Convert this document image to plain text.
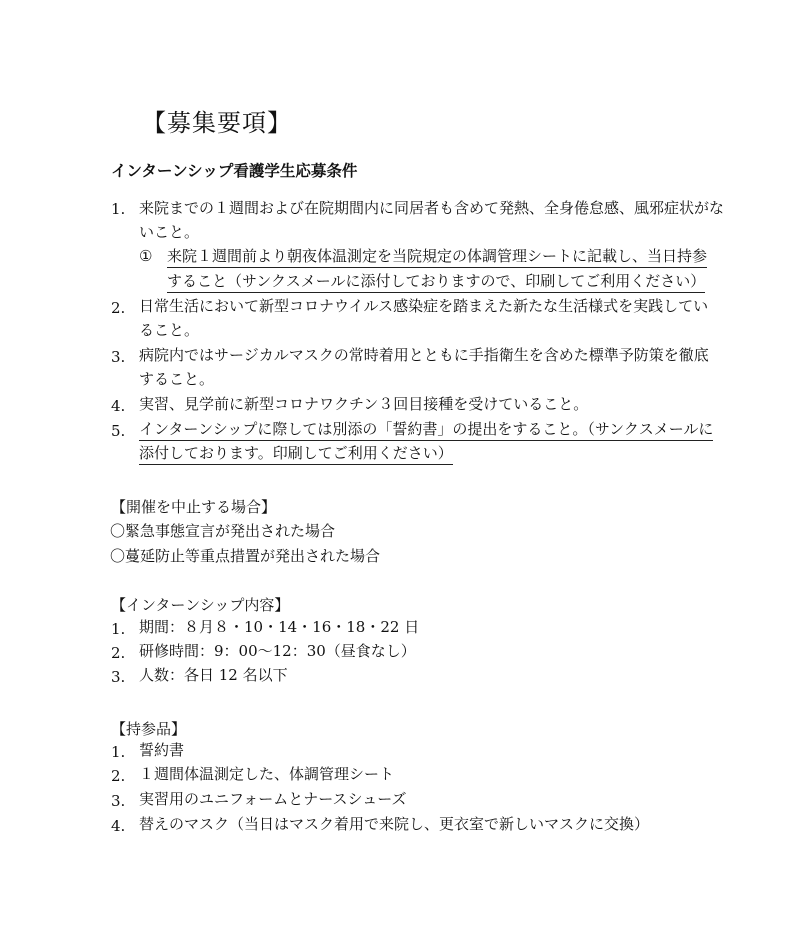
【募集要項】
インターンシップ看護学生応募条件
1. 来院までの１週間および在院期間内に同居者も含めて発熱、全身倦怠感、風邪症状がな
いこと。
① 来院１週間前より朝夜体温測定を当院規定の体調管理シートに記載し、当日持参
すること（サンクスメールに添付しておりますので、印刷してご利用ください）
2. 日常生活において新型コロナウイルス感染症を踏まえた新たな生活様式を実践してい
ること。
3. 病院内ではサージカルマスクの常時着用とともに手指衛生を含めた標準予防策を徹底
すること。
4. 実習、見学前に新型コロナワクチン３回目接種を受けていること。
5. インターンシップに際しては別添の「誓約書」の提出をすること。（サンクスメールに
添付しております。印刷してご利用ください）
【開催を中止する場合】
〇緊急事態宣言が発出された場合
〇蔓延防止等重点措置が発出された場合
【インターンシップ内容】
1. 期間：８月８・10・14・16・18・22 日
2. 研修時間：9：00～12：30（昼食なし）
3. 人数：各日 12 名以下
【持参品】
1. 誓約書
2. １週間体温測定した、体調管理シート
3. 実習用のユニフォームとナースシューズ
4. 替えのマスク（当日はマスク着用で来院し、更衣室で新しいマスクに交換）
